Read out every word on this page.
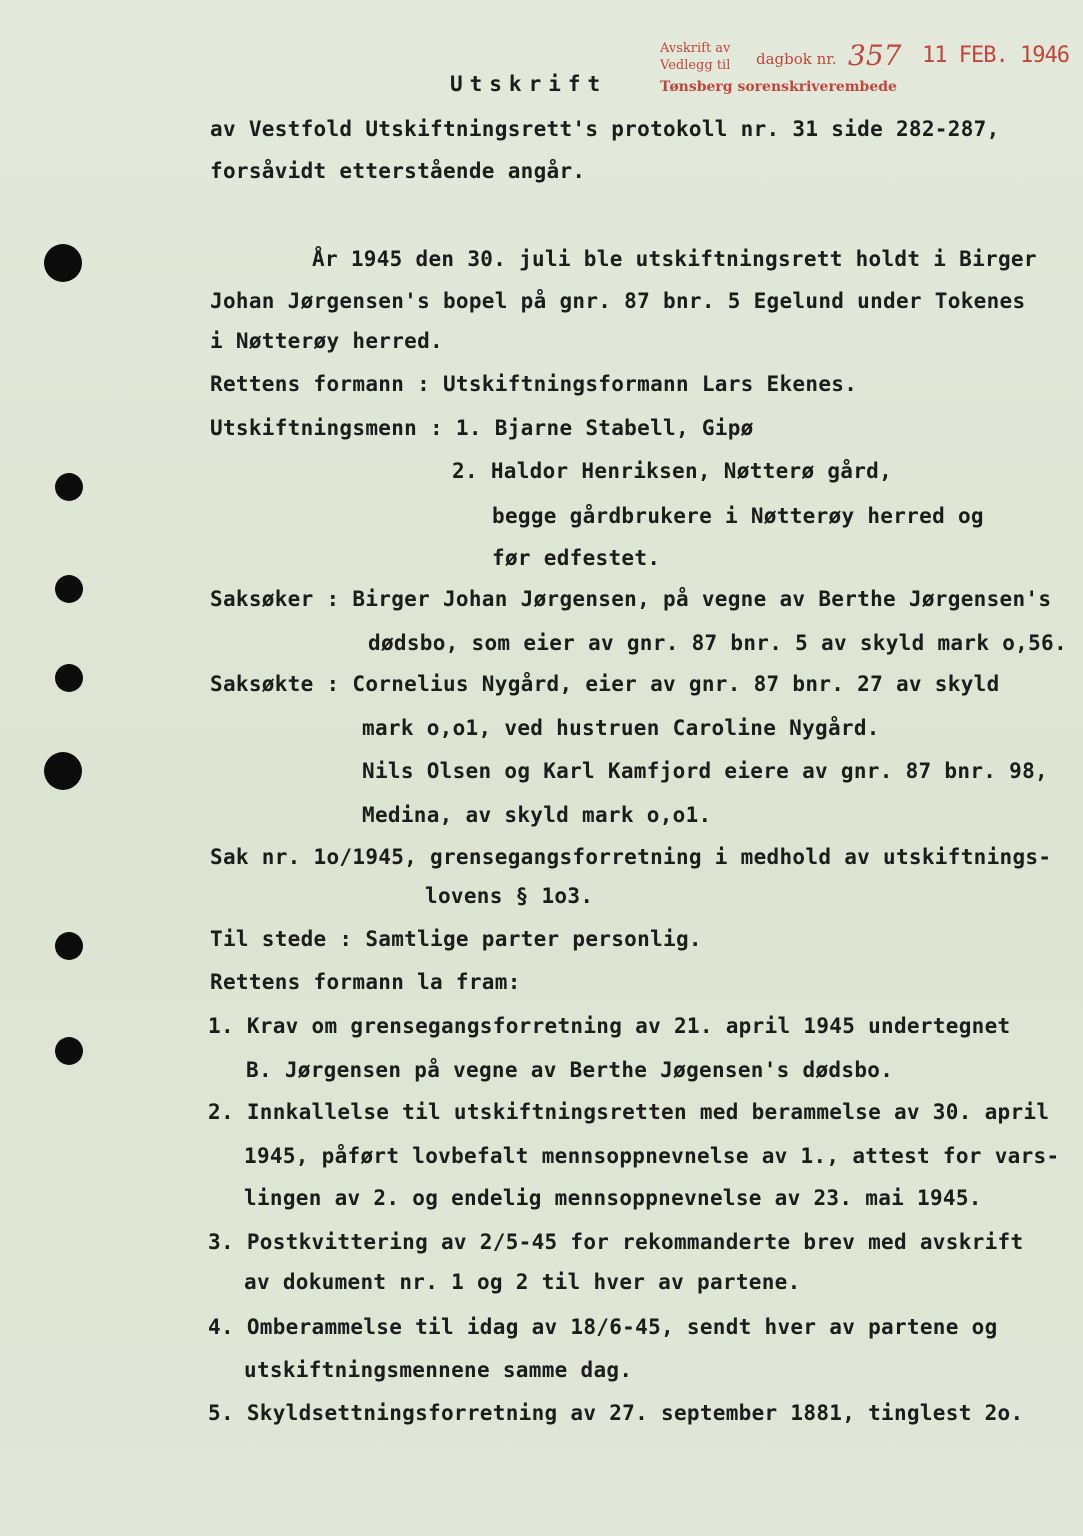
Avskrift av
Vedlegg til dagbok nr. 357 11 FEB. 1946
Tønsberg sorenskriverembede
Utskrift
av Vestfold Utskiftningsrett's protokoll nr. 31 side 282-287,
forsåvidt etterstående angår.
År 1945 den 30. juli ble utskiftningsrett holdt i Birger
Johan Jørgensen's bopel på gnr. 87 bnr. 5 Egelund under Tokenes
i Nøtterøy herred.
Rettens formann : Utskiftningsformann Lars Ekenes.
Utskiftningsmenn : 1. Bjarne Stabell, Gipø
2. Haldor Henriksen, Nøtterø gård,
begge gårdbrukere i Nøtterøy herred og
før edfestet.
Saksøker : Birger Johan Jørgensen, på vegne av Berthe Jørgensen's
dødsbo, som eier av gnr. 87 bnr. 5 av skyld mark o,56.
Saksøkte : Cornelius Nygård, eier av gnr. 87 bnr. 27 av skyld
mark o,o1, ved hustruen Caroline Nygård.
Nils Olsen og Karl Kamfjord eiere av gnr. 87 bnr. 98,
Medina, av skyld mark o,o1.
Sak nr. 1o/1945, grensegangsforretning i medhold av utskiftnings-
lovens § 1o3.
Til stede : Samtlige parter personlig.
Rettens formann la fram:
1. Krav om grensegangsforretning av 21. april 1945 undertegnet
B. Jørgensen på vegne av Berthe Jøgensen's dødsbo.
2. Innkallelse til utskiftningsretten med berammelse av 30. april
1945, påført lovbefalt mennsoppnevnelse av 1., attest for vars-
lingen av 2. og endelig mennsoppnevnelse av 23. mai 1945.
3. Postkvittering av 2/5-45 for rekommanderte brev med avskrift
av dokument nr. 1 og 2 til hver av partene.
4. Omberammelse til idag av 18/6-45, sendt hver av partene og
utskiftningsmennene samme dag.
5. Skyldsettningsforretning av 27. september 1881, tinglest 2o.
